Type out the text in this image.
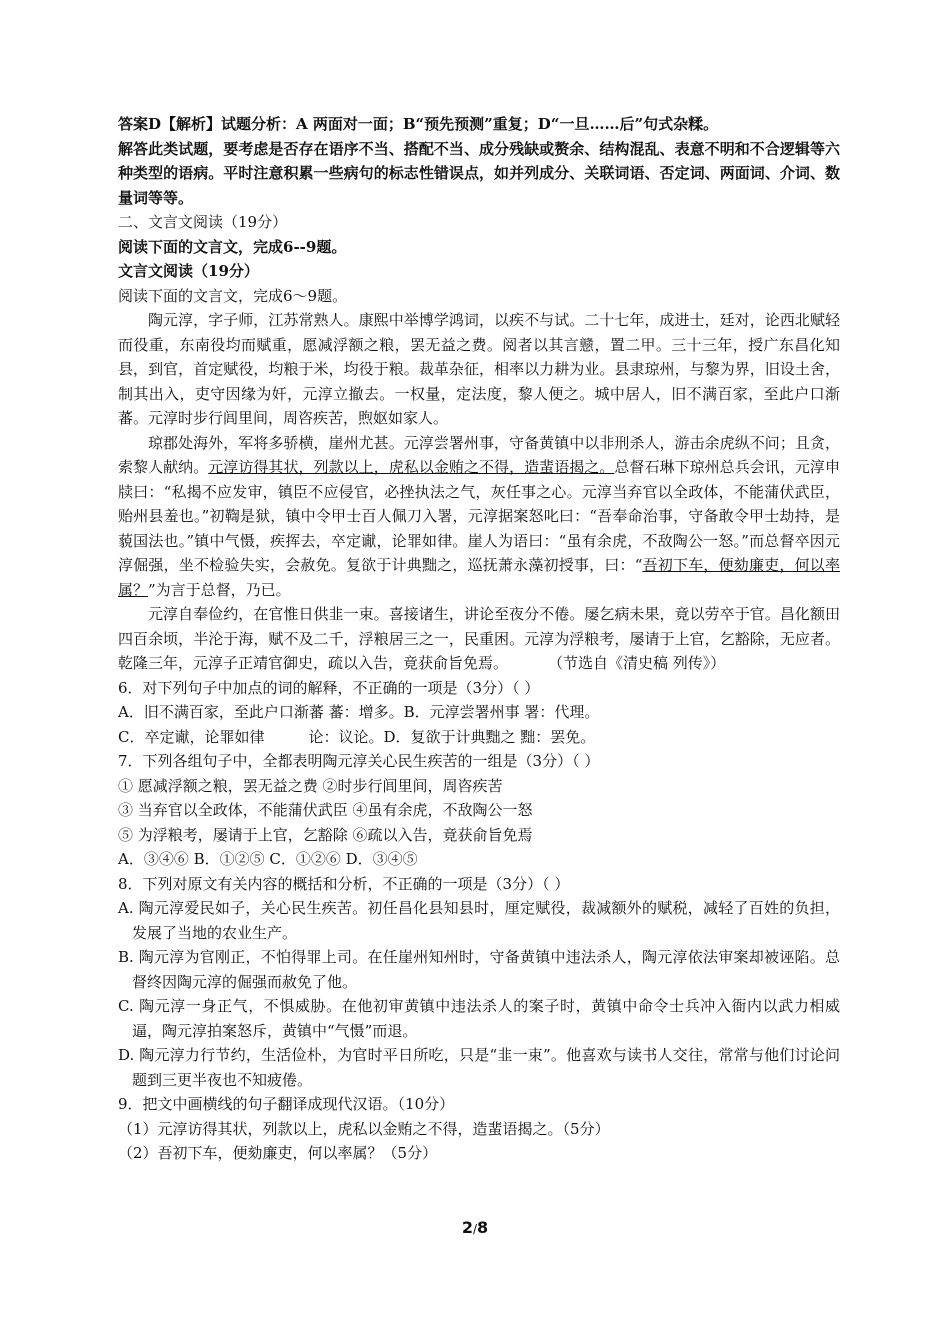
答案D【解析】试题分析：A 两面对一面；B“预先预测”重复；D“一旦……后”句式杂糅。

解答此类试题，要考虑是否存在语序不当、搭配不当、成分残缺或赘余、结构混乱、表意不明和不合逻辑等六种类型的语病。平时注意积累一些病句的标志性错误点，如并列成分、关联词语、否定词、两面词、介词、数量词等等。

二、文言文阅读（19分）

阅读下面的文言文，完成6--9题。

文言文阅读（19分）

阅读下面的文言文，完成6～9题。

陶元淳，字子师，江苏常熟人。康熙中举博学鸿词，以疾不与试。二十七年，成进士，廷对，论西北赋轻而役重，东南役均而赋重，愿减浮额之粮，罢无益之费。阅者以其言戆，置二甲。三十三年，授广东昌化知县，到官，首定赋役，均粮于米，均役于粮。裁革杂征，相率以力耕为业。县隶琼州，与黎为界，旧设土舍，制其出入，吏守因缘为奸，元淳立撤去。一权量，定法度，黎人便之。城中居人，旧不满百家，至此户口渐蕃。元淳时步行闾里间，周咨疾苦，煦妪如家人。

琼郡处海外，军将多骄横，崖州尤甚。元淳尝署州事，守备黄镇中以非刑杀人，游击余虎纵不问；且贪，索黎人献纳。元淳访得其状，列款以上，虎私以金贿之不得，造蜚语揭之。总督石琳下琼州总兵会讯，元淳申牍曰：“私揭不应发审，镇臣不应侵官，必挫执法之气，灰任事之心。元淳当弃官以全政体，不能蒲伏武臣，贻州县羞也。”初鞫是狱，镇中令甲士百人佩刀入署，元淳据案怒叱曰：“吾奉命治事，守备敢令甲士劫持，是藐国法也。”镇中气慑，疾挥去，卒定谳，论罪如律。崖人为语曰：“虽有余虎，不敌陶公一怒。”而总督卒因元淳倔强，坐不检验失实，会赦免。复欲于计典黜之，巡抚萧永藻初授事，曰：“吾初下车，便劾廉吏，何以率属？”为言于总督，乃已。

元淳自奉俭约，在官惟日供韭一束。喜接诸生，讲论至夜分不倦。屡乞病未果，竟以劳卒于官。昌化额田四百余顷，半沦于海，赋不及二千，浮粮居三之一，民重困。元淳为浮粮考，屡请于上官，乞豁除，无应者。乾隆三年，元淳子正靖官御史，疏以入告，竟获俞旨免焉。	（节选自《清史稿 列传》）

6．对下列句子中加点的词的解释，不正确的一项是（3分）（ ）

A．旧不满百家，至此户口渐蕃 蕃：增多。B．元淳尝署州事 署：代理。

C．卒定谳，论罪如律	论：议论。D．复欲于计典黜之 黜：罢免。

7．下列各组句子中，全都表明陶元淳关心民生疾苦的一组是（3分）（ ）

① 愿减浮额之粮，罢无益之费 ②时步行闾里间，周咨疾苦

③ 当弃官以全政体，不能蒲伏武臣 ④虽有余虎，不敌陶公一怒

⑤ 为浮粮考，屡请于上官，乞豁除 ⑥疏以入告，竟获俞旨免焉

A．③④⑥ B．①②⑤ C．①②⑥ D．③④⑤

8．下列对原文有关内容的概括和分析，不正确的一项是（3分）（ ）

A. 陶元淳爱民如子，关心民生疾苦。初任昌化县知县时，厘定赋役，裁减额外的赋税，减轻了百姓的负担，发展了当地的农业生产。

B. 陶元淳为官刚正，不怕得罪上司。在任崖州知州时，守备黄镇中违法杀人，陶元淳依法审案却被诬陷。总督终因陶元淳的倔强而赦免了他。

C. 陶元淳一身正气，不惧威胁。在他初审黄镇中违法杀人的案子时，黄镇中命令士兵冲入衙内以武力相威逼，陶元淳拍案怒斥，黄镇中“气慑”而退。

D. 陶元淳力行节约，生活俭朴，为官时平日所吃，只是“韭一束”。他喜欢与读书人交往，常常与他们讨论问题到三更半夜也不知疲倦。

9．把文中画横线的句子翻译成现代汉语。（10分）

（1）元淳访得其状，列款以上，虎私以金贿之不得，造蜚语揭之。（5分）

（2）吾初下车，便劾廉吏，何以率属？（5分）

2/8
